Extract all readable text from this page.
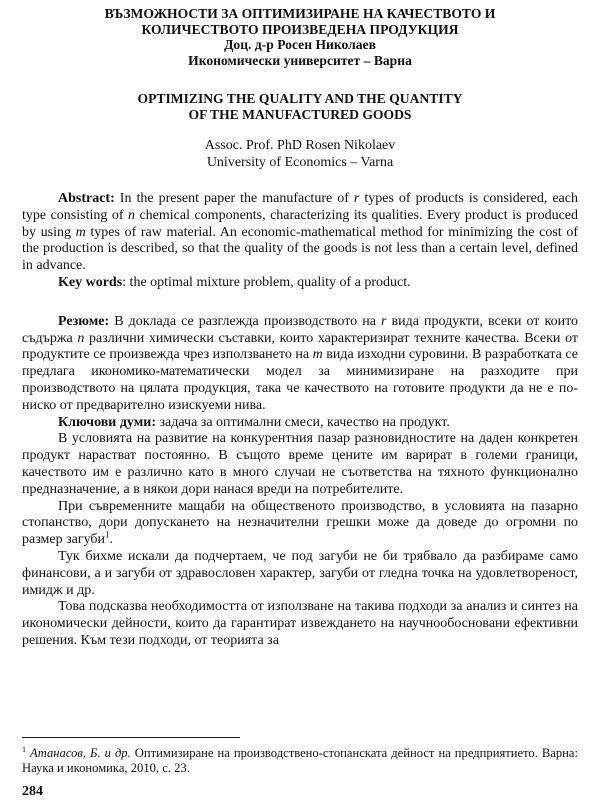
ВЪЗМОЖНОСТИ ЗА ОПТИМИЗИРАНЕ НА КАЧЕСТВОТО И
КОЛИЧЕСТВОТО ПРОИЗВЕДЕНА ПРОДУКЦИЯ
Доц. д-р Росен Николаев
Икономически университет – Варна
OPTIMIZING THE QUALITY AND THE QUANTITY
OF THE MANUFACTURED GOODS
Assoc. Prof. PhD Rosen Nikolaev
University of Economics – Varna

Abstract: In the present paper the manufacture of r types of products is considered, each type consisting of n chemical components, characterizing its qualities. Every product is produced by using m types of raw material. An economic-mathematical method for minimizing the cost of the production is described, so that the quality of the goods is not less than a certain level, defined in advance.

Key words: the optimal mixture problem, quality of a product.

Резюме: В доклада се разглежда производството на r вида продукти, всеки от които съдържа n различни химически съставки, които характеризират техните качества. Всеки от продуктите се произвежда чрез използването на m вида изходни суровини. В разработката се предлага икономико-математически модел за минимизиране на разходите при производството на цялата продукция, така че качеството на готовите продукти да не е по-ниско от предварително изискуеми нива.

Ключови думи: задача за оптимални смеси, качество на продукт.

В условията на развитие на конкурентния пазар разновидностите на даден конкретен продукт нарастват постоянно. В същото време цените им варират в големи граници, качеството им е различно като в много случаи не съответства на тяхното функционално предназначение, а в някои дори нанася вреди на потребителите.

При съвременните мащаби на общественото производство, в условията на пазарно стопанство, дори допускането на незначителни грешки може да доведе до огромни по размер загуби$^1$.

Тук бихме искали да подчертаем, че под загуби не би трябвало да разбираме само финансови, а и загуби от здравословен характер, загуби от гледна точка на удовлетвореност, имидж и др.

Това подсказва необходимостта от използване на такива подходи за анализ и синтез на икономически дейности, които да гарантират извеждането на научнообосновани ефективни решения. Към тези подходи, от теорията за

$^1$ Атанасов, Б. и др. Оптимизиране на производствено-стопанската дейност на предприятието. Варна: Наука и икономика, 2010, с. 23.
284
